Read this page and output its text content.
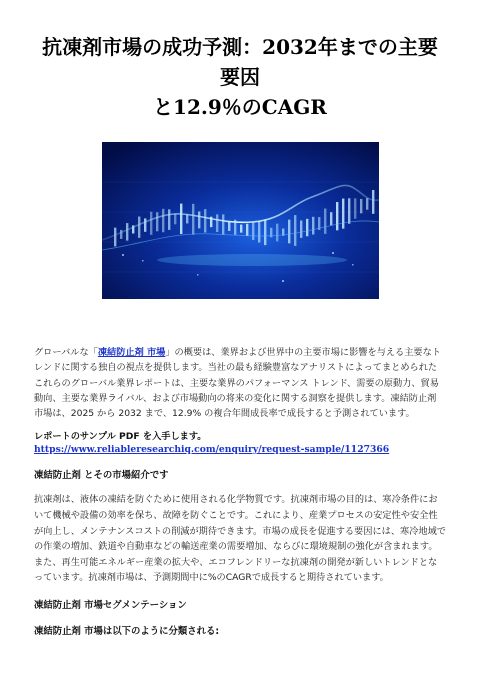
抗凍剤市場の成功予測：2032年までの主要要因
と12.9％のCAGR

グローバルな「凍結防止剤 市場」の概要は、業界および世界中の主要市場に影響を与える主要なトレンドに関する独自の視点を提供します。当社の最も経験豊富なアナリストによってまとめられたこれらのグローバル業界レポートは、主要な業界のパフォーマンス トレンド、需要の原動力、貿易動向、主要な業界ライバル、および市場動向の将来の変化に関する洞察を提供します。凍結防止剤 市場は、2025 から 2032 まで、12.9% の複合年間成長率で成長すると予測されています。

レポートのサンプル PDF を入手します。 https://www.reliableresearchiq.com/enquiry/request-sample/1127366

凍結防止剤 とその市場紹介です

抗凍剤は、液体の凍結を防ぐために使用される化学物質です。抗凍剤市場の目的は、寒冷条件において機械や設備の効率を保ち、故障を防ぐことです。これにより、産業プロセスの安定性や安全性が向上し、メンテナンスコストの削減が期待できます。市場の成長を促進する要因には、寒冷地域での作業の増加、鉄道や自動車などの輸送産業の需要増加、ならびに環境規制の強化が含まれます。また、再生可能エネルギー産業の拡大や、エコフレンドリーな抗凍剤の開発が新しいトレンドとなっています。抗凍剤市場は、予測期間中に%のCAGRで成長すると期待されています。

凍結防止剤 市場セグメンテーション

凍結防止剤 市場は以下のように分類される:
